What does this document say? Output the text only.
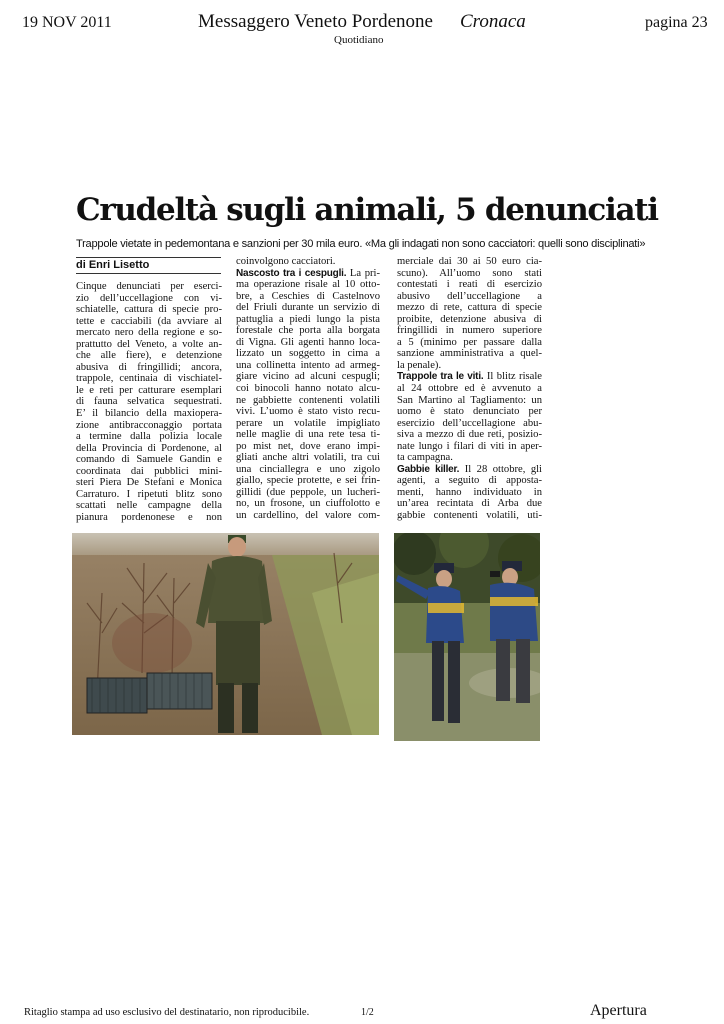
19 NOV 2011	Messaggero Veneto Pordenone Cronaca
Quotidiano
pagina 23
Crudeltà sugli animali, 5 denunciati
Trappole vietate in pedemontana e sanzioni per 30 mila euro. «Ma gli indagati non sono cacciatori: quelli sono disciplinati»
di Enri Lisetto
Cinque denunciati per eserci-
zio dell’uccellagione con vi-
schiatelle, cattura di specie pro-
tette e cacciabili (da avviare al
mercato nero della regione e so-
prattutto del Veneto, a volte an-
che alle fiere), e detenzione
abusiva di fringillidi; ancora,
trappole, centinaia di vischiatel-
le e reti per catturare esemplari
di fauna selvatica sequestrati.
E’ il bilancio della maxioperа-
zione antibracconaggio portata
a termine dalla polizia locale
della Provincia di Pordenone, al
comando di Samuele Gandin e
coordinata dai pubblici mini-
steri Piera De Stefani e Monica
Carraturo. I ripetuti blitz sono
scattati nelle campagne della
pianura pordenonese e non
coinvolgono cacciatori.
Nascosto tra i cespugli. La pri-
ma operazione risale al 10 otto-
bre, a Ceschies di Castelnovo
del Friuli durante un servizio di
pattuglia a piedi lungo la pista
forestale che porta alla borgata
di Vigna. Gli agenti hanno loca-
lizzato un soggetto in cima a
una collinetta intento ad armeg-
giare vicino ad alcuni cespugli;
coi binocoli hanno notato alcu-
ne gabbiette contenenti volatili
vivi. L’uomo è stato visto recu-
perare un volatile impigliato
nelle maglie di una rete tesa ti-
po mist net, dove erano impi-
gliati anche altri volatili, tra cui
una cinciallegra e uno zigolo
giallo, specie protette, e sei frin-
gillidi (due peppole, un lucheri-
no, un frosone, un ciuffolotto e
un cardellino, del valore com-
merciale dai 30 ai 50 euro cia-
scuno). All’uomo sono stati
contestati i reati di esercizio
abusivo dell’uccellagione a
mezzo di rete, cattura di specie
proibite, detenzione abusiva di
fringillidi in numero superiore
a 5 (minimo per passare dalla
sanzione amministrativa a quel-
la penale).
Trappole tra le viti. Il blitz risale
al 24 ottobre ed è avvenuto a
San Martino al Tagliamento: un
uomo è stato denunciato per
esercizio dell’uccellagione abu-
siva a mezzo di due reti, posizio-
nate lungo i filari di viti in aper-
ta campagna.
Gabbie killer. Il 28 ottobre, gli
agenti, a seguito di apposta-
menti, hanno individuato in
un’area recintata di Arba due
gabbie contenenti volatili, uti-
Ritaglio stampa ad uso esclusivo del destinatario, non riproducibile.	1/2	Apertura
